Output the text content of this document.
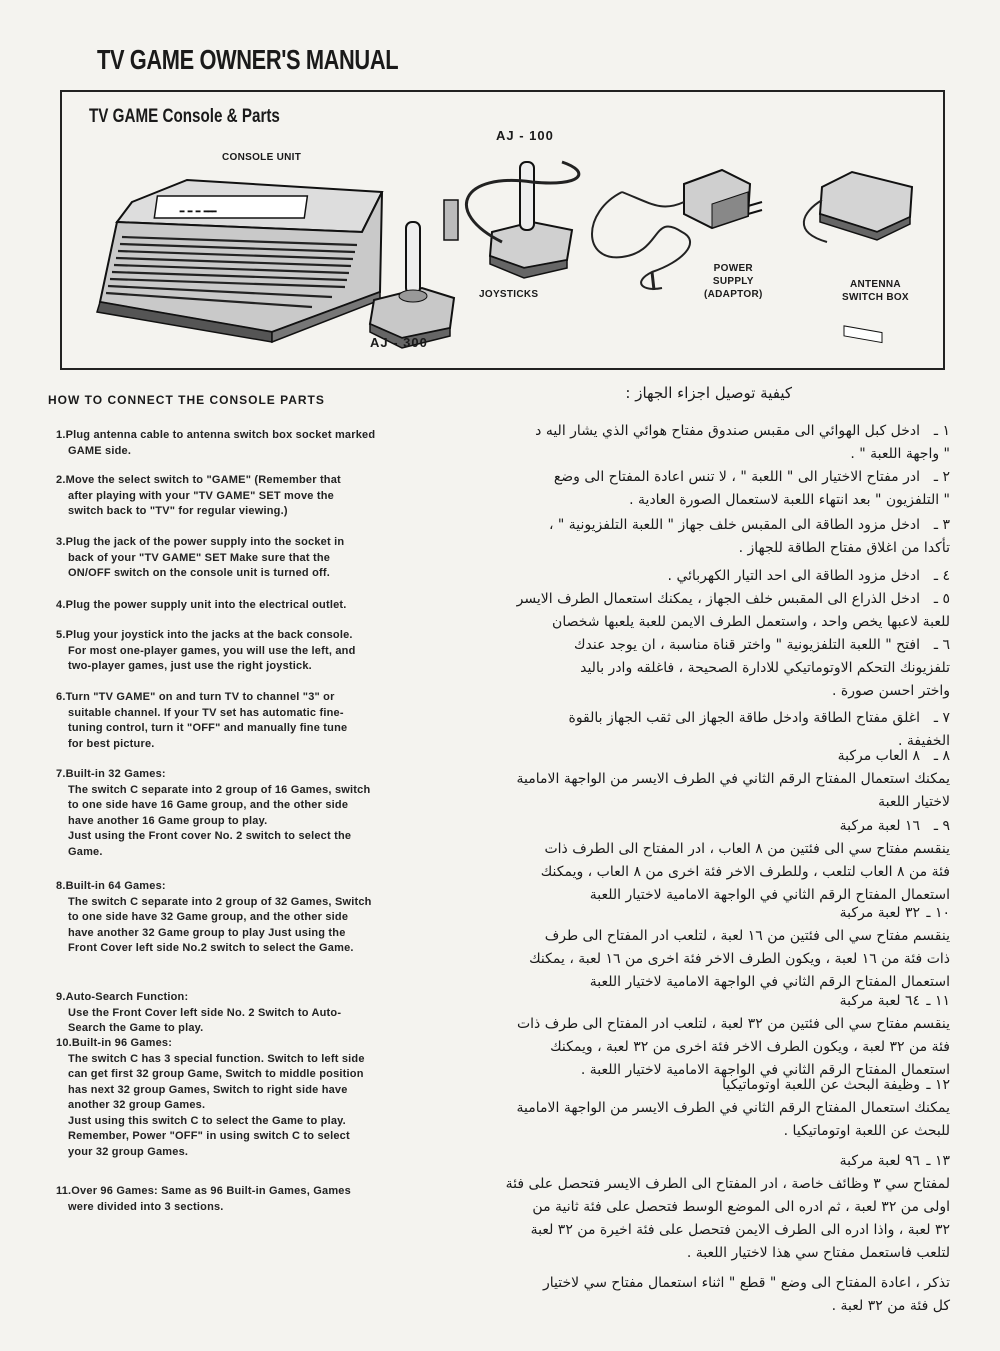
TV GAME OWNER'S MANUAL
TV GAME Console & Parts
ـــ ـ ـ ـ
CONSOLE UNIT
AJ - 100
AJ - 300
JOYSTICKS
POWER
SUPPLY
(ADAPTOR)
ANTENNA
SWITCH BOX
HOW TO CONNECT THE CONSOLE PARTS
1.Plug antenna cable to antenna switch box socket marked
GAME side.
2.Move the select switch to "GAME" (Remember that
after playing with your "TV GAME" SET move the
switch back to "TV" for regular viewing.)
3.Plug the jack of the power supply into the socket in
back of your "TV GAME" SET Make sure that the
ON/OFF switch on the console unit is turned off.
4.Plug the power supply unit into the electrical outlet.
5.Plug your joystick into the jacks at the back console.
For most one-player games, you will use the left, and
two-player games, just use the right joystick.
6.Turn "TV GAME" on and turn TV to channel "3" or
suitable channel. If your TV set has automatic fine-
tuning control, turn it "OFF" and manually fine tune
for best picture.
7.Built-in 32 Games:
The switch C separate into 2 group of 16 Games, switch
to one side have 16 Game group, and the other side
have another 16 Game group to play.
Just using the Front cover No. 2 switch to select the
Game.
8.Built-in 64 Games:
The switch C separate into 2 group of 32 Games, Switch
to one side have 32 Game group, and the other side
have another 32 Game group to play Just using the
Front Cover left side No.2 switch to select the Game.
9.Auto-Search Function:
Use the Front Cover left side No. 2 Switch to Auto-
Search the Game to play.
10.Built-in 96 Games:
The switch C has 3 special function. Switch to left side
can get first 32 group Game, Switch to middle position
has next 32 group Games, Switch to right side have
another 32 group Games.
Just using this switch C to select the Game to play.
Remember, Power "OFF" in using switch C to select
your 32 group Games.
11.Over 96 Games: Same as 96 Built-in Games, Games
were divided into 3 sections.
كيفية توصيل اجزاء الجهاز :
١ ـادخل كبل الهوائي الى مقبس صندوق مفتاح هوائي الذي يشار اليه د
" واجهة اللعبة " .
٢ ـادر مفتاح الاختيار الى " اللعبة " ، لا تنس اعادة المفتاح الى وضع
" التلفزيون " بعد انتهاء اللعبة لاستعمال الصورة العادية .
٣ ـادخل مزود الطاقة الى المقبس خلف جهاز " اللعبة التلفزيونية " ،
تأكدا من اغلاق مفتاح الطاقة للجهاز .
٤ ـادخل مزود الطاقة الى احد التيار الكهربائي .
٥ ـادخل الذراع الى المقبس خلف الجهاز ، يمكنك استعمال الطرف الايسر
للعبة لاعبها يخص واحد ، واستعمل الطرف الايمن للعبة يلعبها شخصان
٦ ـافتح " اللعبة التلفزيونية " واختر قناة مناسبة ، ان يوجد عندك
تلفزيونك التحكم الاوتوماتيكي للادارة الصحيحة ، فاغلقه وادر باليد
واختر احسن صورة .
٧ ـاغلق مفتاح الطاقة وادخل طاقة الجهاز الى ثقب الجهاز بالقوة
الخفيفة .
٨ ـ٨ العاب مركبة
يمكنك استعمال المفتاح الرقم الثاني في الطرف الايسر من الواجهة الامامية
لاختيار اللعبة
٩ ـ١٦ لعبة مركبة
ينقسم مفتاح سي الى فئتين من ٨ العاب ، ادر المفتاح الى الطرف ذات
فئة من ٨ العاب لتلعب ، وللطرف الاخر فئة اخرى من ٨ العاب ، ويمكنك
استعمال المفتاح الرقم الثاني في الواجهة الامامية لاختيار اللعبة
١٠ ـ٣٢ لعبة مركبة
ينقسم مفتاح سي الى فئتين من ١٦ لعبة ، لتلعب ادر المفتاح الى طرف
ذات فئة من ١٦ لعبة ، ويكون الطرف الاخر فئة اخرى من ١٦ لعبة ، يمكنك
استعمال المفتاح الرقم الثاني في الواجهة الامامية لاختيار اللعبة
١١ ـ٦٤ لعبة مركبة
ينقسم مفتاح سي الى فئتين من ٣٢ لعبة ، لتلعب ادر المفتاح الى طرف ذات
فئة من ٣٢ لعبة ، ويكون الطرف الاخر فئة اخرى من ٣٢ لعبة ، ويمكنك
استعمال المفتاح الرقم الثاني في الواجهة الامامية لاختيار اللعبة .
١٢ ـوظيفة البحث عن اللعبة اوتوماتيكيا
يمكنك استعمال المفتاح الرقم الثاني في الطرف الايسر من الواجهة الامامية
للبحث عن اللعبة اوتوماتيكيا .
١٣ ـ٩٦ لعبة مركبة
لمفتاح سي ٣ وظائف خاصة ، ادر المفتاح الى الطرف الايسر فتحصل على فئة
اولى من ٣٢ لعبة ، ثم ادره الى الموضع الوسط فتحصل على فئة ثانية من
٣٢ لعبة ، واذا ادره الى الطرف الايمن فتحصل على فئة اخيرة من ٣٢ لعبة
لتلعب فاستعمل مفتاح سي هذا لاختيار اللعبة .
تذكر ، اعادة المفتاح الى وضع " قطع " اثناء استعمال مفتاح سي لاختيار
كل فئة من ٣٢ لعبة .
